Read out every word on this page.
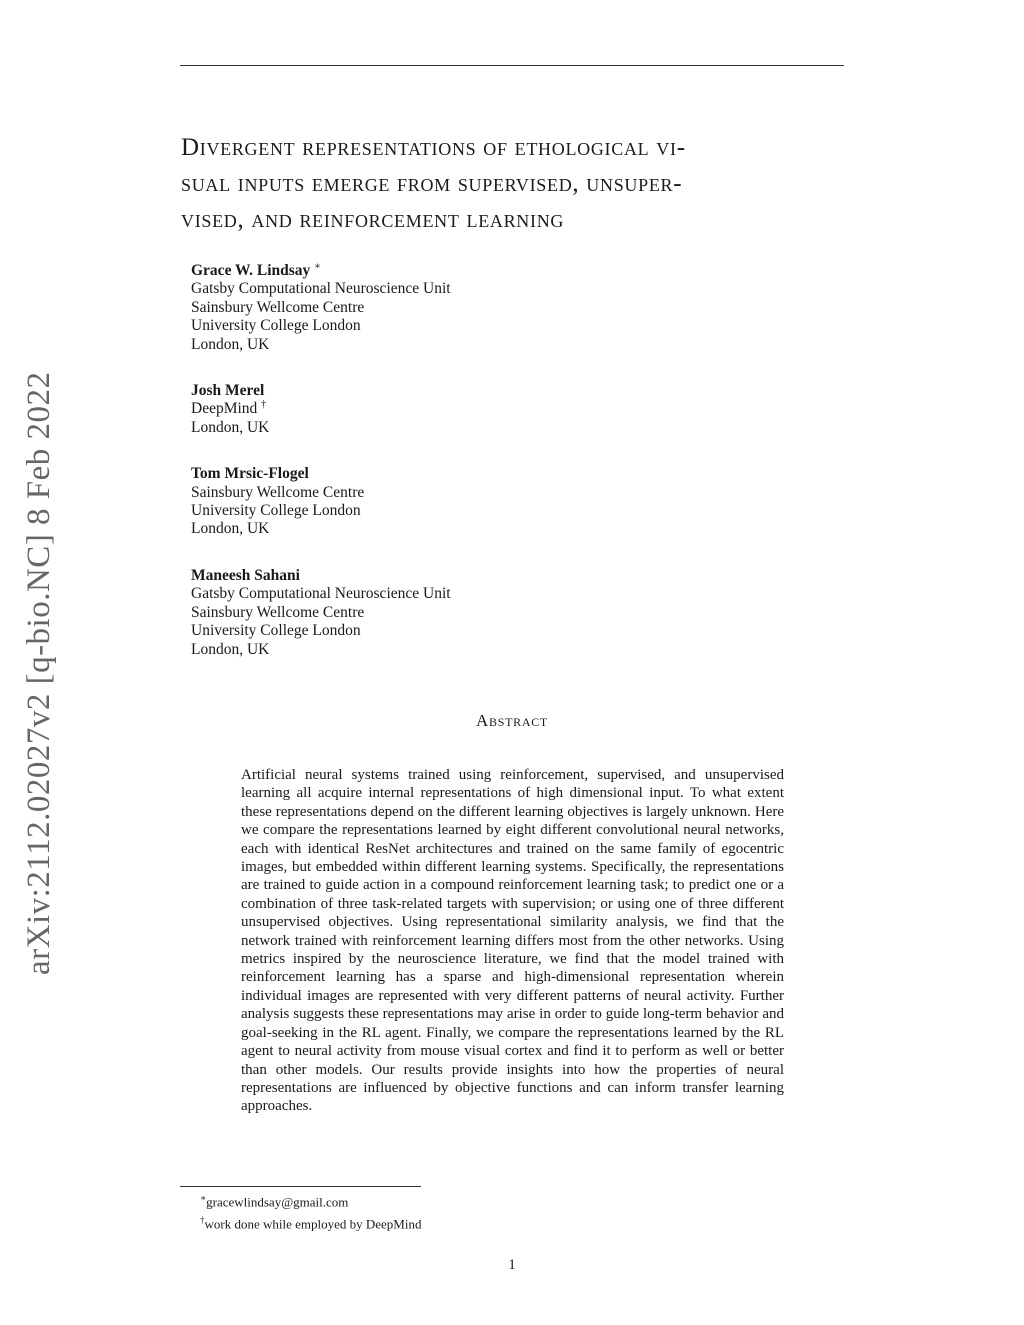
arXiv:2112.02027v2 [q-bio.NC] 8 Feb 2022
Divergent representations of ethological vi-
sual inputs emerge from supervised, unsuper-
vised, and reinforcement learning
Grace W. Lindsay ∗
Gatsby Computational Neuroscience Unit
Sainsbury Wellcome Centre
University College London
London, UK
Josh Merel
DeepMind †
London, UK
Tom Mrsic-Flogel
Sainsbury Wellcome Centre
University College London
London, UK
Maneesh Sahani
Gatsby Computational Neuroscience Unit
Sainsbury Wellcome Centre
University College London
London, UK
Abstract

Artificial neural systems trained using reinforcement, supervised, and unsupervised learning all acquire internal representations of high dimensional input. To what extent these representations depend on the different learning objectives is largely unknown. Here we compare the representations learned by eight different convolutional neural networks, each with identical ResNet architectures and trained on the same family of egocentric images, but embedded within different learning systems. Specifically, the representations are trained to guide action in a compound reinforcement learning task; to predict one or a combination of three task-related targets with supervision; or using one of three different unsupervised objectives. Using representational similarity analysis, we find that the network trained with reinforcement learning differs most from the other networks. Using metrics inspired by the neuroscience literature, we find that the model trained with reinforcement learning has a sparse and high-dimensional representation wherein individual images are represented with very different patterns of neural activity. Further analysis suggests these representations may arise in order to guide long-term behavior and goal-seeking in the RL agent. Finally, we compare the representations learned by the RL agent to neural activity from mouse visual cortex and find it to perform as well or better than other models. Our results provide insights into how the properties of neural representations are influenced by objective functions and can inform transfer learning approaches.

∗gracewlindsay@gmail.com
†work done while employed by DeepMind
1
